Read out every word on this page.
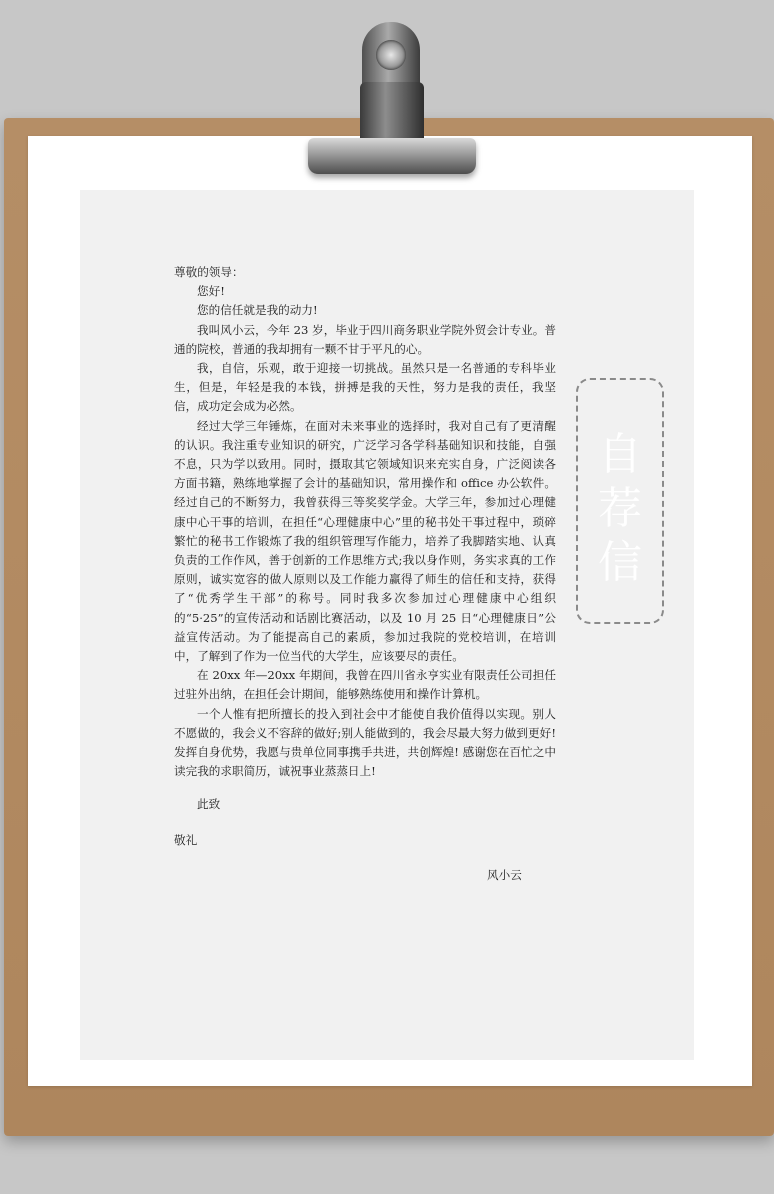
自
荐
信

尊敬的领导：

您好!

您的信任就是我的动力!

我叫风小云，今年 23 岁，毕业于四川商务职业学院外贸会计专业。普通的院校，普通的我却拥有一颗不甘于平凡的心。

我，自信，乐观，敢于迎接一切挑战。虽然只是一名普通的专科毕业生，但是，年轻是我的本钱，拼搏是我的天性，努力是我的责任，我坚信，成功定会成为必然。

经过大学三年锤炼，在面对未来事业的选择时，我对自己有了更清醒的认识。我注重专业知识的研究，广泛学习各学科基础知识和技能，自强不息，只为学以致用。同时，摄取其它领域知识来充实自身，广泛阅读各方面书籍，熟练地掌握了会计的基础知识，常用操作和 office 办公软件。经过自己的不断努力，我曾获得三等奖奖学金。大学三年，参加过心理健康中心干事的培训，在担任“心理健康中心”里的秘书处干事过程中，琐碎繁忙的秘书工作锻炼了我的组织管理写作能力，培养了我脚踏实地、认真负责的工作作风，善于创新的工作思维方式;我以身作则，务实求真的工作原则，诚实宽容的做人原则以及工作能力赢得了师生的信任和支持，获得了“优秀学生干部”的称号。同时我多次参加过心理健康中心组织的“5·25”的宣传活动和话剧比赛活动，以及 10 月 25 日“心理健康日”公益宣传活动。为了能提高自己的素质，参加过我院的党校培训，在培训中，了解到了作为一位当代的大学生，应该要尽的责任。

在 20xx 年—20xx 年期间，我曾在四川省永亨实业有限责任公司担任过驻外出纳，在担任会计期间，能够熟练使用和操作计算机。

一个人惟有把所擅长的投入到社会中才能使自我价值得以实现。别人不愿做的，我会义不容辞的做好;别人能做到的，我会尽最大努力做到更好!发挥自身优势，我愿与贵单位同事携手共进，共创辉煌! 感谢您在百忙之中读完我的求职简历，诚祝事业蒸蒸日上!

此致

敬礼

风小云
